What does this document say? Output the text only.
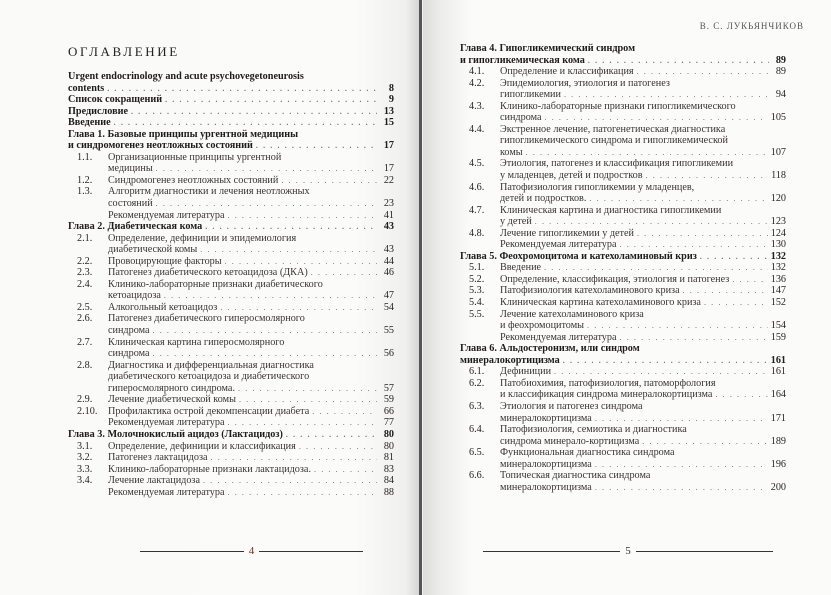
ОГЛАВЛЕНИЕ
Urgent endocrinology and acute psychovegetoneurosis
contents . . .	8
Список сокращений . . .	9
Предисловие . . .	13
Введение . . .	15
Глава 1. Базовые принципы ургентной медицины
и синдромогенез неотложных состояний . . .	17
1.1.	Организационные принципы ургентной
медицины . . .	17
1.2.	Синдромогенез неотложных состояний . . .	22
1.3.	Алгоритм диагностики и лечения неотложных
состояний . . .	23
Рекомендуемая литература . . .	41
Глава 2. Диабетическая кома . . .	43
2.1.	Определение, дефиниции и эпидемиология
диабетической комы . . .	43
2.2.	Провоцирующие факторы . . .	44
2.3.	Патогенез диабетического кетоацидоза (ДКА) . . .	46
2.4.	Клинико-лабораторные признаки диабетического
кетоацидоза . . .	47
2.5.	Алкогольный кетоацидоз . . .	54
2.6.	Патогенез диабетического гиперосмолярного
синдрома . . .	55
2.7.	Клиническая картина гиперосмолярного
синдрома . . .	56
2.8.	Диагностика и дифференциальная диагностика
диабетического кетоацидоза и диабетического
гиперосмолярного синдрома. . . .	57
2.9.	Лечение диабетической комы . . .	59
2.10.	Профилактика острой декомпенсации диабета . . .	66
Рекомендуемая литература . . .	77
Глава 3. Молочнокислый ацидоз (Лактацидоз) . . .	80
3.1.	Определение, дефиниции и классификация . . .	80
3.2.	Патогенез лактацидоза . . .	81
3.3.	Клинико-лабораторные признаки лактацидоза. . . .	83
3.4.	Лечение лактацидоза . . .	84
Рекомендуемая литература . . .	88
4
В. С. ЛУКЬЯНЧИКОВ
Глава 4. Гипогликемический синдром
и гипогликемическая кома . . .	89
4.1.	Определение и классификация . . .	89
4.2.	Эпидемиология, этиология и патогенез
гипогликемии . . .	94
4.3.	Клинико-лабораторные признаки гипогликемического
синдрома . . .	105
4.4.	Экстренное лечение, патогенетическая диагностика
гипогликемического синдрома и гипогликемической
комы . . .	107
4.5.	Этиология, патогенез и классификация гипогликемии
у младенцев, детей и подростков . . .	118
4.6.	Патофизиология гипогликемии у младенцев,
детей и подростков. . . .	120
4.7.	Клиническая картина и диагностика гипогликемии
у детей . . .	123
4.8.	Лечение гипогликемии у детей . . .	124
Рекомендуемая литература . . .	130
Глава 5. Феохромоцитома и катехоламиновый криз . . .	132
5.1.	Введение . . .	132
5.2.	Определение, классификация, этиология и патогенез . . .	136
5.3.	Патофизиология катехоламинового криза . . .	147
5.4.	Клиническая картина катехоламинового криза . . .	152
5.5.	Лечение катехоламинового криза
и феохромоцитомы . . .	154
Рекомендуемая литература . . .	159
Глава 6. Альдостеронизм, или синдром
минералокортицизма . . .	161
6.1.	Дефиниции . . .	161
6.2.	Патобиохимия, патофизиология, патоморфология
и классификация синдрома минералокортицизма . . .	164
6.3.	Этиология и патогенез синдрома
минералокортицизма . . .	171
6.4.	Патофизиология, семиотика и диагностика
синдрома минерало-кортицизма . . .	189
6.5.	Функциональная диагностика синдрома
минералокортицизма . . .	196
6.6.	Топическая диагностика синдрома
минералокортицизма . . .	200
5
